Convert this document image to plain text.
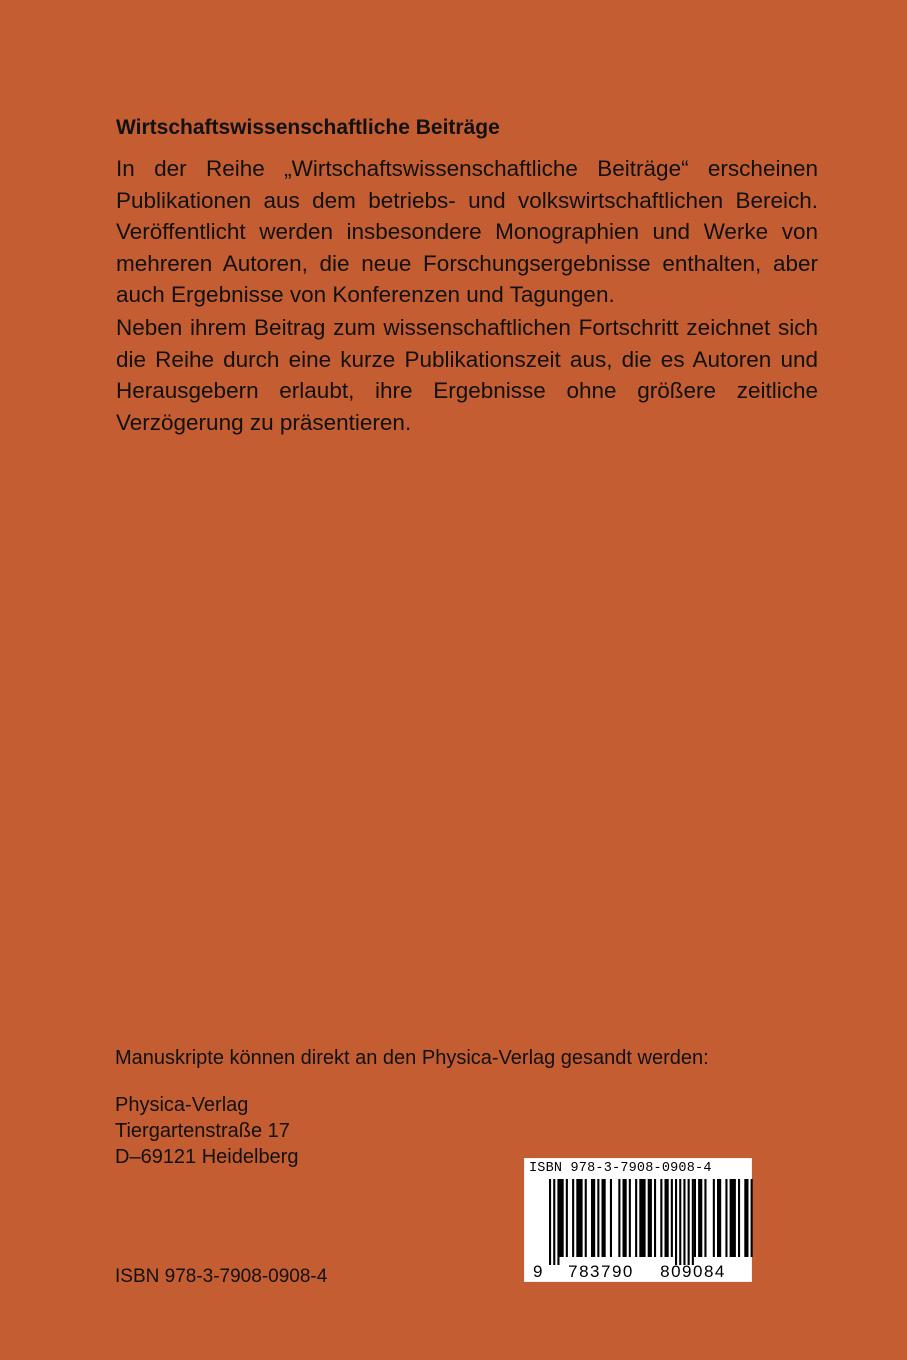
Wirtschaftswissenschaftliche Beiträge

In der Reihe „Wirtschaftswissenschaftliche Beiträge“ erscheinen Publikationen aus dem betriebs- und volkswirtschaftlichen Bereich. Veröffentlicht werden insbesondere Monographien und Werke von mehreren Autoren, die neue Forschungsergebnisse enthalten, aber auch Ergebnisse von Konferenzen und Tagungen.

Neben ihrem Beitrag zum wissenschaftlichen Fortschritt zeichnet sich die Reihe durch eine kurze Publikationszeit aus, die es Autoren und Herausgebern erlaubt, ihre Ergebnisse ohne größere zeitliche Verzögerung zu präsentieren.

Manuskripte können direkt an den Physica-Verlag gesandt werden:

Physica-Verlag
Tiergartenstraße 17
D–69121 Heidelberg
ISBN 978-3-7908-0908-4
ISBN 978-3-7908-0908-4
9 783790 809084
